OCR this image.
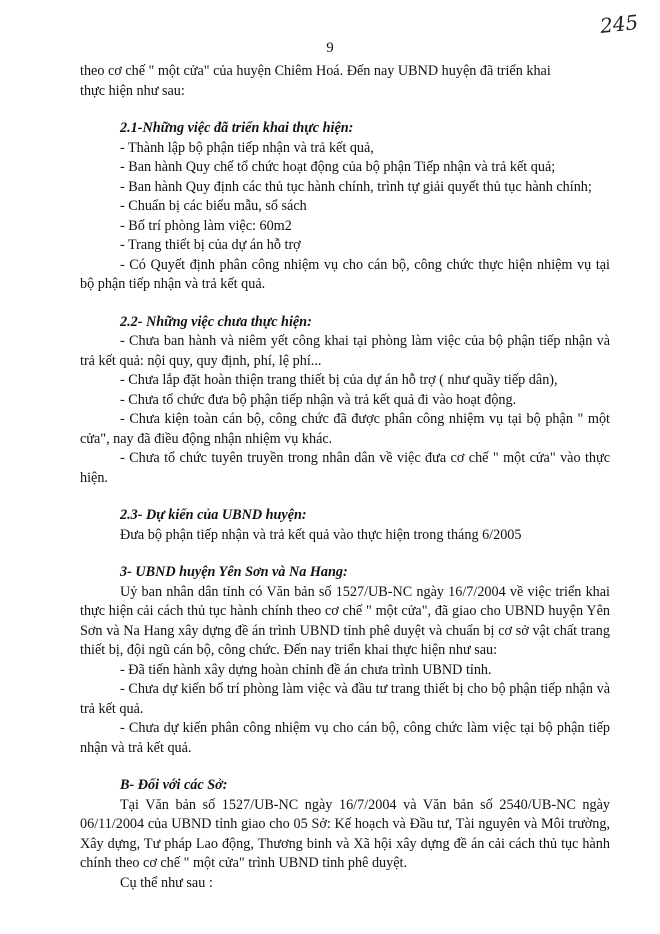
245
9

theo cơ chế " một cửa" của huyện Chiêm Hoá. Đến nay UBND huyện đã triển khai

thực hiện như sau:

2.1-Những việc đã triển khai thực hiện:

- Thành lập bộ phận tiếp nhận và trả kết quả,

- Ban hành Quy chế tổ chức hoạt động của bộ phận Tiếp nhận và trả kết quả;

- Ban hành Quy định các thủ tục hành chính, trình tự giải quyết thủ tục hành chính;

- Chuẩn bị các biểu mẫu, sổ sách

- Bố trí phòng làm việc: 60m2

- Trang thiết bị của dự án hỗ trợ

- Có Quyết định phân công nhiệm vụ cho cán bộ, công chức thực hiện nhiệm vụ tại bộ phận tiếp nhận và trả kết quả.

2.2- Những việc chưa thực hiện:

- Chưa ban hành và niêm yết công khai tại phòng làm việc của bộ phận tiếp nhận và trả kết quả: nội quy, quy định, phí, lệ phí...

- Chưa lắp đặt hoàn thiện trang thiết bị của dự án hỗ trợ ( như quầy tiếp dân),

- Chưa tổ chức đưa bộ phận tiếp nhận và trả kết quả đi vào hoạt động.

- Chưa kiện toàn cán bộ, công chức đã được phân công nhiệm vụ tại bộ phận " một cửa", nay đã điều động nhận nhiệm vụ khác.

- Chưa tổ chức tuyên truyền trong nhân dân về việc đưa cơ chế " một cửa" vào thực hiện.

2.3- Dự kiến của UBND huyện:

Đưa bộ phận tiếp nhận và trả kết quả vào thực hiện trong tháng 6/2005

3- UBND huyện Yên Sơn và Na Hang:

Uỷ ban nhân dân tỉnh có Văn bản số 1527/UB-NC ngày 16/7/2004 về việc triển khai thực hiện cải cách thủ tục hành chính theo cơ chế " một cửa", đã giao cho UBND huyện Yên Sơn và Na Hang xây dựng đề án trình UBND tỉnh phê duyệt và chuẩn bị cơ sở vật chất trang thiết bị, đội ngũ cán bộ, công chức. Đến nay triển khai thực hiện như sau:

- Đã tiến hành xây dựng hoàn chỉnh đề án chưa trình UBND tỉnh.

- Chưa dự kiến bố trí phòng làm việc và đầu tư trang thiết bị cho bộ phận tiếp nhận và trả kết quả.

- Chưa dự kiến phân công nhiệm vụ cho cán bộ, công chức làm việc tại bộ phận tiếp nhận và trả kết quả.

B- Đối với các Sở:

Tại Văn bản số 1527/UB-NC ngày 16/7/2004 và Văn bản số 2540/UB-NC ngày 06/11/2004 của UBND tỉnh giao cho 05 Sở: Kế hoạch và Đầu tư, Tài nguyên và Môi trường, Xây dựng, Tư pháp Lao động, Thương binh và Xã hội xây dựng đề án cải cách thủ tục hành chính theo cơ chế " một cửa" trình UBND tỉnh phê duyệt.

Cụ thể như sau :
